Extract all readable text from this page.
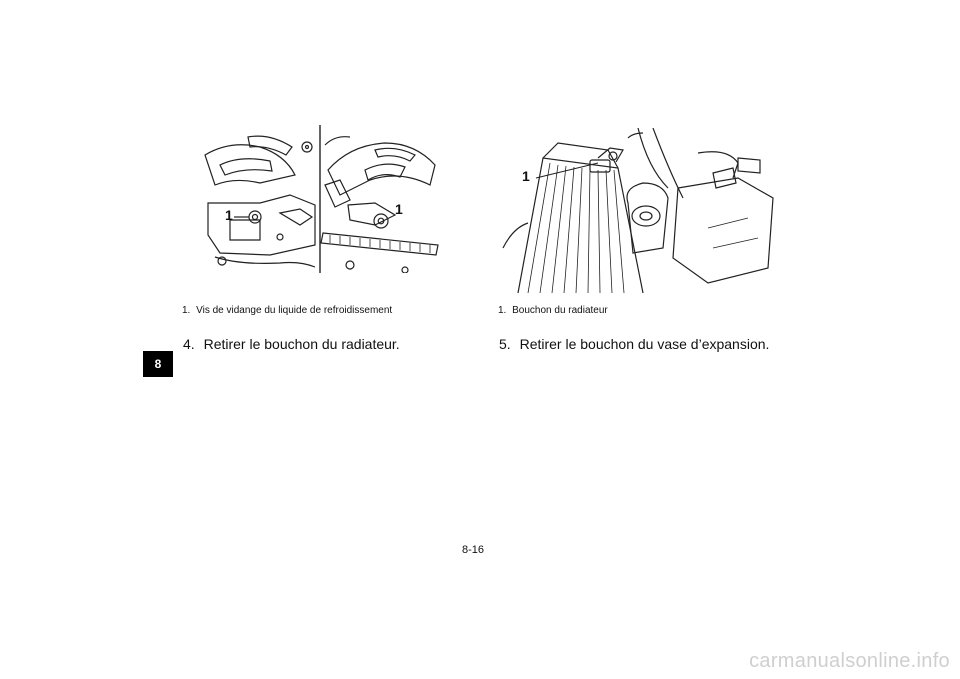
8
1	1
1. Vis de vidange du liquide de refroidissement
1
1. Bouchon du radiateur
4. Retirer le bouchon du radiateur.	5. Retirer le bouchon du vase d’expansion.
8-16
carmanualsonline.info
